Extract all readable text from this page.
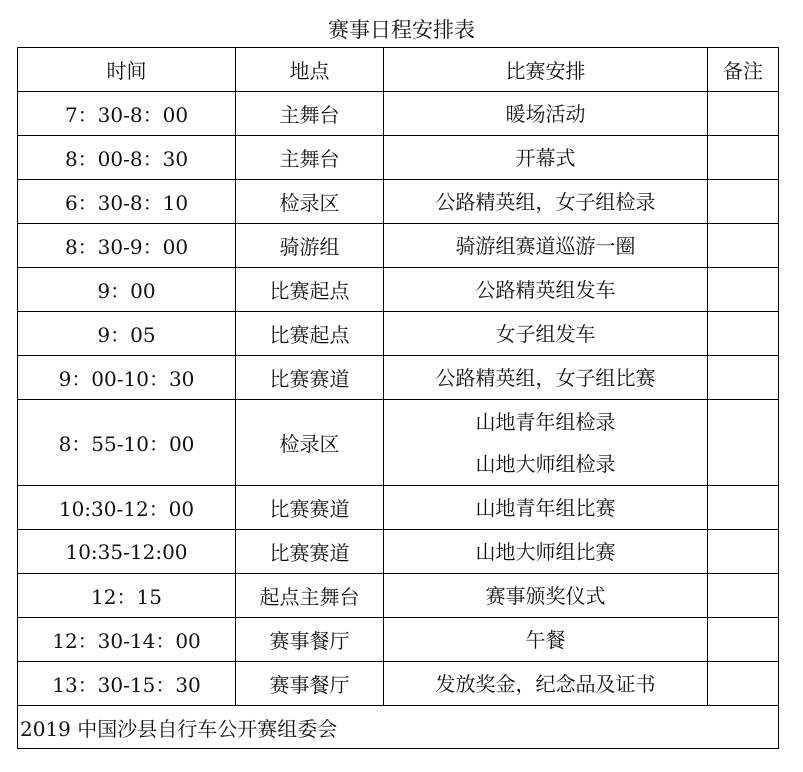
赛事日程安排表
时间	地点	比赛安排	备注
7：30-8：00	主舞台	暖场活动	

8：00-8：30	主舞台	开幕式	

6：30-8：10	检录区	公路精英组，女子组检录	

8：30-9：00	骑游组	骑游组赛道巡游一圈	

9：00	比赛起点	公路精英组发车	

9：05	比赛起点	女子组发车	

9：00-10：30	比赛赛道	公路精英组，女子组比赛	

8：55-10：00	检录区	山地青年组检录
山地大师组检录	

10:30-12：00	比赛赛道	山地青年组比赛	

10:35-12:00	比赛赛道	山地大师组比赛	

12：15	起点主舞台	赛事颁奖仪式	

12：30-14：00	赛事餐厅	午餐	

13：30-15：30	赛事餐厅	发放奖金，纪念品及证书	

2019 中国沙县自行车公开赛组委会			
